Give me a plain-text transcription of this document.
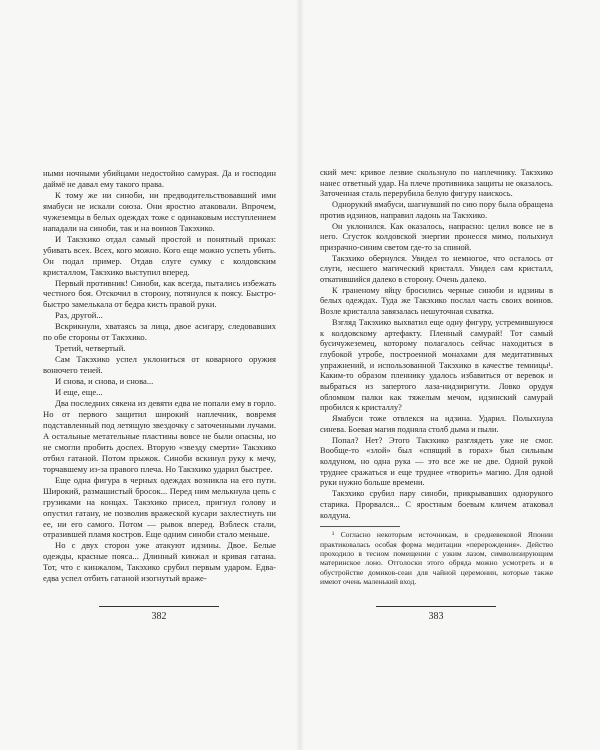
ными ночными убийцами недостойно самурая. Да и господин даймё не давал ему такого права.

К тому же ни синоби, ни предводительствовавший ими ямабуси не искали союза. Они яростно атаковали. Впрочем, чужеземцы в белых одеждах тоже с одинаковым исступлением нападали на синоби, так и на воинов Такэхико.

И Такэхико отдал самый простой и понятный приказ: убивать всех. Всех, кого можно. Кого еще можно успеть убить. Он подал пример. Отдав слуге сумку с колдовским кристаллом, Такэхико выступил вперед.

Первый противник! Синоби, как всегда, пытались избежать честного боя. Отскочил в сторону, потянулся к поясу. Быстро-быстро замелькала от бедра кисть правой руки.

Раз, другой...

Вскрикнули, хватаясь за лица, двое асигару, следовавших по обе стороны от Такэхико.

Третий, четвертый.

Сам Такэхико успел уклониться от коварного оружия вонючего теней.

И снова, и снова, и снова...

И еще, еще...

Два последних сякена из девяти едва не попали ему в горло. Но от первого защитил широкий наплечник, вовремя подставленный под летящую звездочку с заточенными лучами. А остальные метательные пластины вовсе не были опасны, но не смогли пробить доспех. Вторую «звезду смерти» Такэхико отбил гатаной. Потом прыжок. Синоби вскинул руку к мечу, торчавшему из-за правого плеча. Но Такэхико ударил быстрее.

Еще одна фигура в черных одеждах возникла на его пути. Широкий, размашистый бросок... Перед ним мелькнула цепь с грузиками на концах. Такэхико присел, пригнул голову и опустил гатану, не позволив вражеской кусари захлестнуть ни ее, ни его самого. Потом — рывок вперед. Взблеск стали, отразившей пламя костров. Еще одним синоби стало меньше.

Но с двух сторон уже атакуют идзины. Двое. Белые одежды, красные пояса... Длинный кинжал и кривая гатана. Тот, что с кинжалом, Такэхико срубил первым ударом. Едва-едва успел отбить гатаной изогнутый враже-

382

ский меч: кривое лезвие скользнуло по наплечнику. Такэхико нанес ответный удар. На плече противника защиты не оказалось. Заточенная сталь перерубила белую фигуру наискось.

Однорукий ямабуси, шагнувший по сию пору была обращена против идзинов, направил ладонь на Такэхико.

Он уклонился. Как оказалось, напрасно: целил вовсе не в него. Сгусток колдовской энергии пронесся мимо, полыхнул призрачно-синим светом где-то за спиной.

Такэхико обернулся. Увидел то немногое, что осталось от слуги, несшего магический кристалл. Увидел сам кристалл, откатившийся далеко в сторону. Очень далеко.

К граненому яйцу бросились черные синоби и идзины в белых одеждах. Туда же Такэхико послал часть своих воинов. Возле кристалла завязалась нешуточная схватка.

Взгляд Такэхико выхватил еще одну фигуру, устремившуюся к колдовскому артефакту. Пленный самурай! Тот самый бусичужеземец, которому полагалось сейчас находиться в глубокой утробе, построенной монахами для медитативных упражнений, и использованной Такэхико в качестве темницы¹. Каким-то образом пленнику удалось избавиться от веревок и выбраться из запертого лаза-нидзиригути. Ловко орудуя обломком палки как тяжелым мечом, идзинский самурай пробился к кристаллу?

Ямабуси тоже отвлекся на идзина. Ударил. Полыхнула синева. Боевая магия подняла столб дыма и пыли.

Попал? Нет? Этого Такэхико разглядеть уже не смог. Вообще-то «злой» был «спящий в горах» был сильным колдуном, но одна рука — это все же не две. Одной рукой труднее сражаться и еще труднее «творить» магию. Для одной руки нужно больше времени.

Такэхико срубил пару синоби, прикрывавших однорукого старика. Прорвался... С яростным боевым кличем атаковал колдуна.

¹ Согласно некоторым источникам, в средневековой Японии практиковалась особая форма медитации «перерождения». Действо проходило в тесном помещении с узким лазом, символизирующим материнское лоно. Отголоски этого обряда можно усмотреть и в обустройстве домиков-сеаи для чайной церемонии, которые также имеют очень маленький вход.

383
